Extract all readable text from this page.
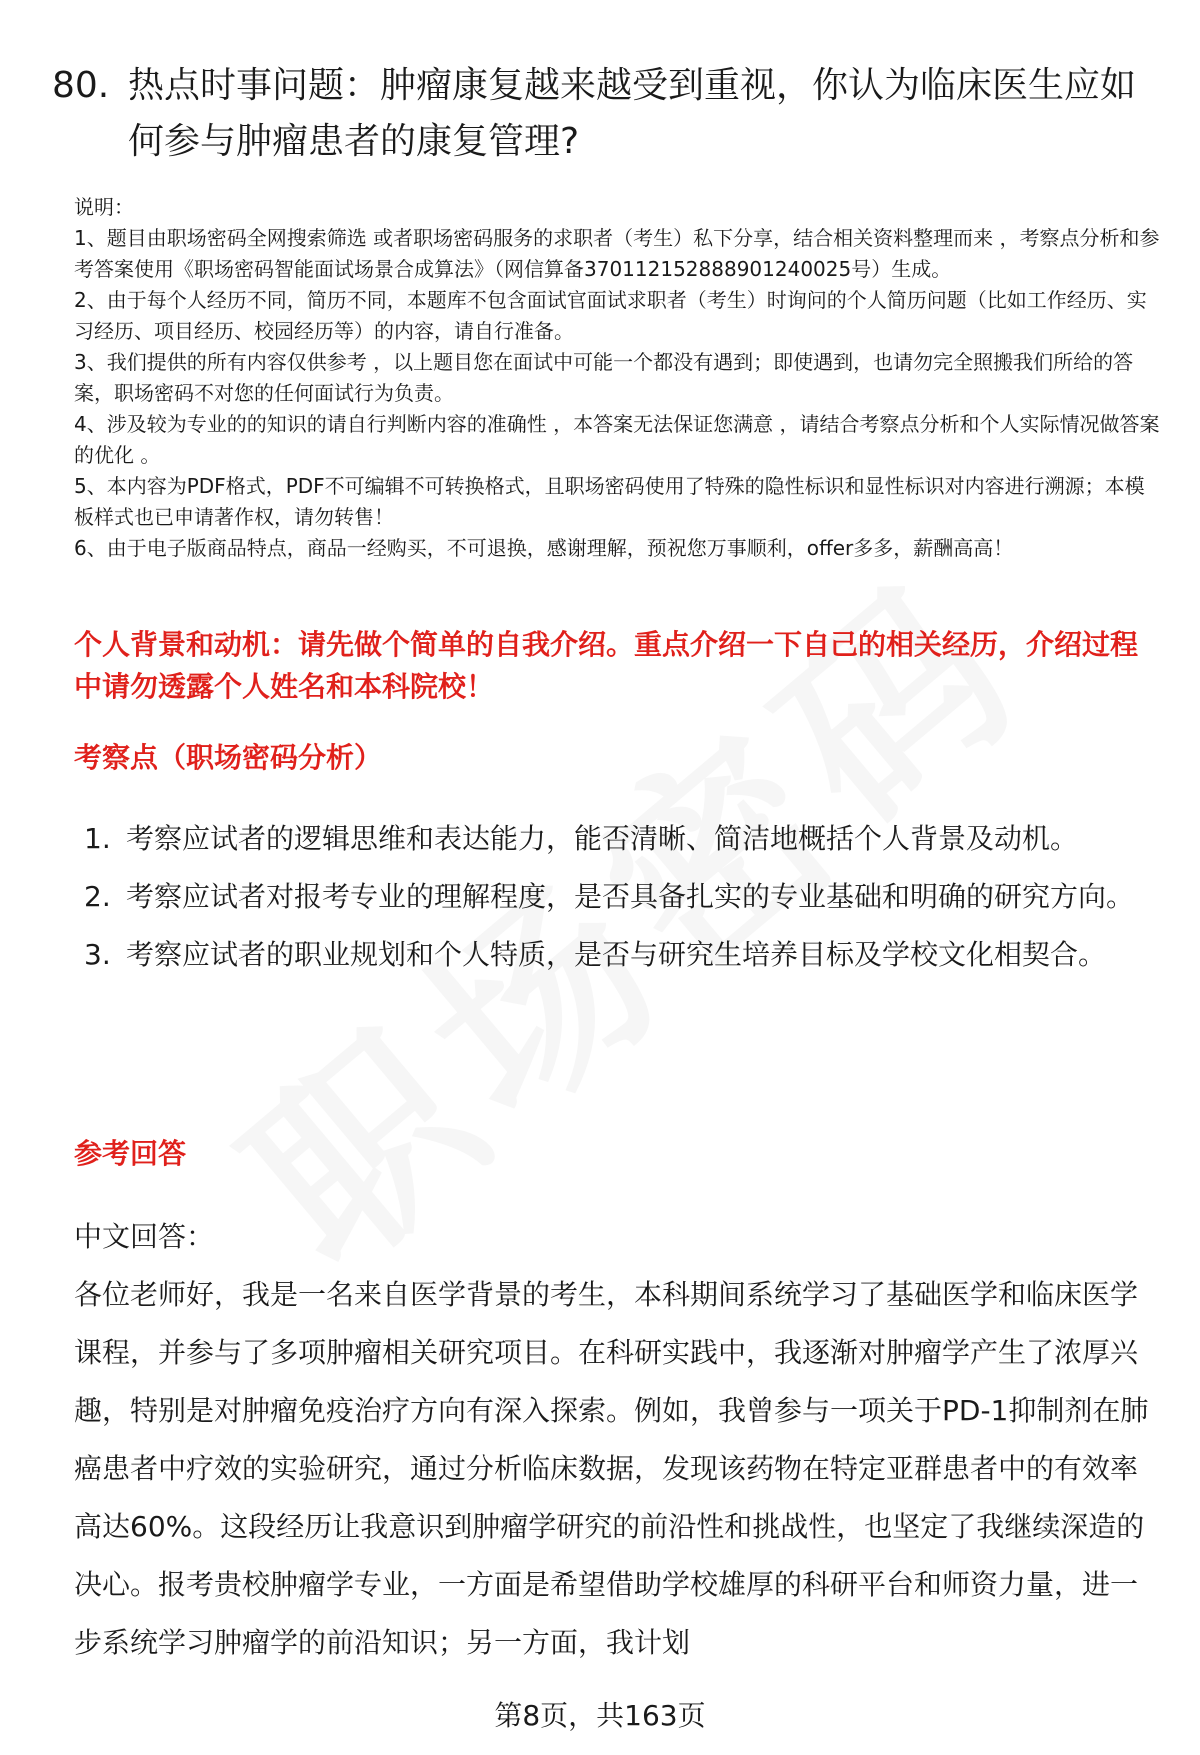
80. 热点时事问题：肿瘤康复越来越受到重视，你认为临床医生应如何参与肿瘤患者的康复管理?

说明：

1、题目由职场密码全网搜索筛选 或者职场密码服务的求职者（考生）私下分享，结合相关资料整理而来 ，考察点分析和参考答案使用《职场密码智能面试场景合成算法》（网信算备370112152888901240025号）生成。

2、由于每个人经历不同，简历不同，本题库不包含面试官面试求职者（考生）时询问的个人简历问题（比如工作经历、实习经历、项目经历、校园经历等）的内容，请自行准备。

3、我们提供的所有内容仅供参考 ，以上题目您在面试中可能一个都没有遇到；即使遇到，也请勿完全照搬我们所给的答案，职场密码不对您的任何面试行为负责。

4、涉及较为专业的的知识的请自行判断内容的准确性 ，本答案无法保证您满意 ，请结合考察点分析和个人实际情况做答案的优化 。

5、本内容为PDF格式，PDF不可编辑不可转换格式，且职场密码使用了特殊的隐性标识和显性标识对内容进行溯源；本模板样式也已申请著作权，请勿转售！

6、由于电子版商品特点，商品一经购买，不可退换，感谢理解，预祝您万事顺利，offer多多，薪酬高高！

个人背景和动机：请先做个简单的自我介绍。重点介绍一下自己的相关经历，介绍过程中请勿透露个人姓名和本科院校！
考察点（职场密码分析）
1. 考察应试者的逻辑思维和表达能力，能否清晰、简洁地概括个人背景及动机。
2. 考察应试者对报考专业的理解程度，是否具备扎实的专业基础和明确的研究方向。
3. 考察应试者的职业规划和个人特质，是否与研究生培养目标及学校文化相契合。
参考回答

中文回答：

各位老师好，我是一名来自医学背景的考生，本科期间系统学习了基础医学和临床医学课程，并参与了多项肿瘤相关研究项目。在科研实践中，我逐渐对肿瘤学产生了浓厚兴趣，特别是对肿瘤免疫治疗方向有深入探索。例如，我曾参与一项关于PD-1抑制剂在肺癌患者中疗效的实验研究，通过分析临床数据，发现该药物在特定亚群患者中的有效率高达60%。这段经历让我意识到肿瘤学研究的前沿性和挑战性，也坚定了我继续深造的决心。报考贵校肿瘤学专业，一方面是希望借助学校雄厚的科研平台和师资力量，进一步系统学习肿瘤学的前沿知识；另一方面，我计划

第8页，共163页
